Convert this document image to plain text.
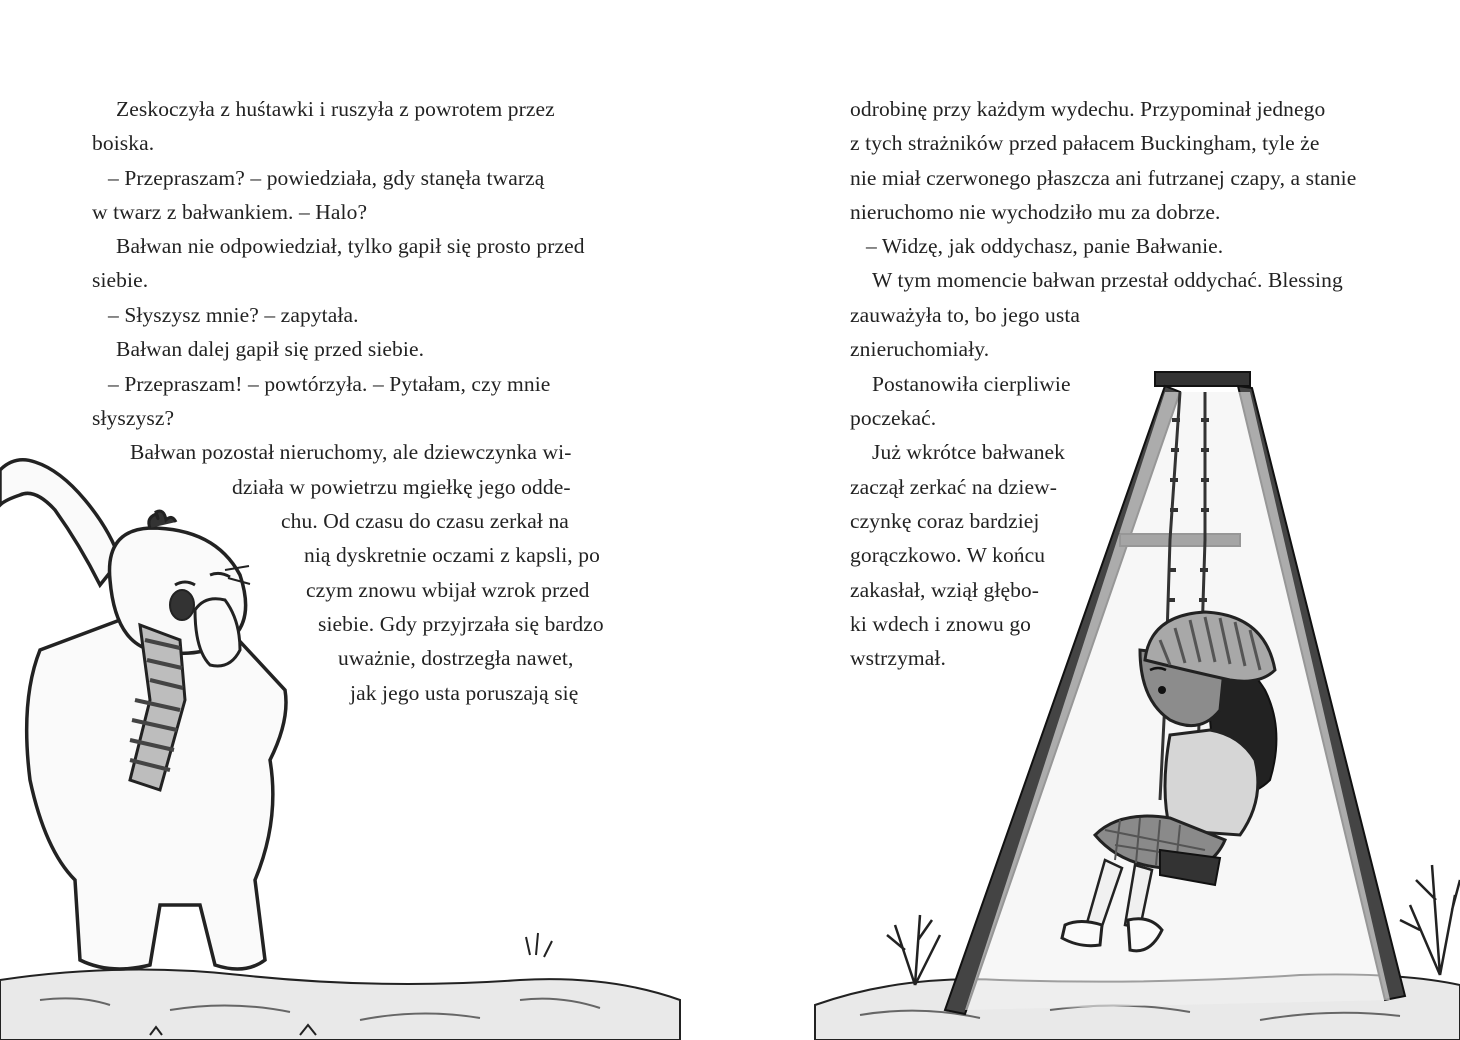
Zeskoczyła z huśtawki i ruszyła z powrotem przez
boiska.
– Przepraszam? – powiedziała, gdy stanęła twarzą
w twarz z bałwankiem. – Halo?
Bałwan nie odpowiedział, tylko gapił się prosto przed
siebie.
– Słyszysz mnie? – zapytała.
Bałwan dalej gapił się przed siebie.
– Przepraszam! – powtórzyła. – Pytałam, czy mnie
słyszysz?
Bałwan pozostał nieruchomy, ale dziewczynka wi-
działa w powietrzu mgiełkę jego odde-
chu. Od czasu do czasu zerkał na
nią dyskretnie oczami z kapsli, po
czym znowu wbijał wzrok przed
siebie. Gdy przyjrzała się bardzo
uważnie, dostrzegła nawet,
jak jego usta poruszają się
odrobinę przy każdym wydechu. Przypominał jednego
z tych strażników przed pałacem Buckingham, tyle że
nie miał czerwonego płaszcza ani futrzanej czapy, a stanie
nieruchomo nie wychodziło mu za dobrze.
– Widzę, jak oddychasz, panie Bałwanie.
W tym momencie bałwan przestał oddychać. Blessing
zauważyła to, bo jego usta
znieruchomiały.
Postanowiła cierpliwie
poczekać.
Już wkrótce bałwanek
zaczął zerkać na dziew-
czynkę coraz bardziej
gorączkowo. W końcu
zakasłał, wziął głębo-
ki wdech i znowu go
wstrzymał.
